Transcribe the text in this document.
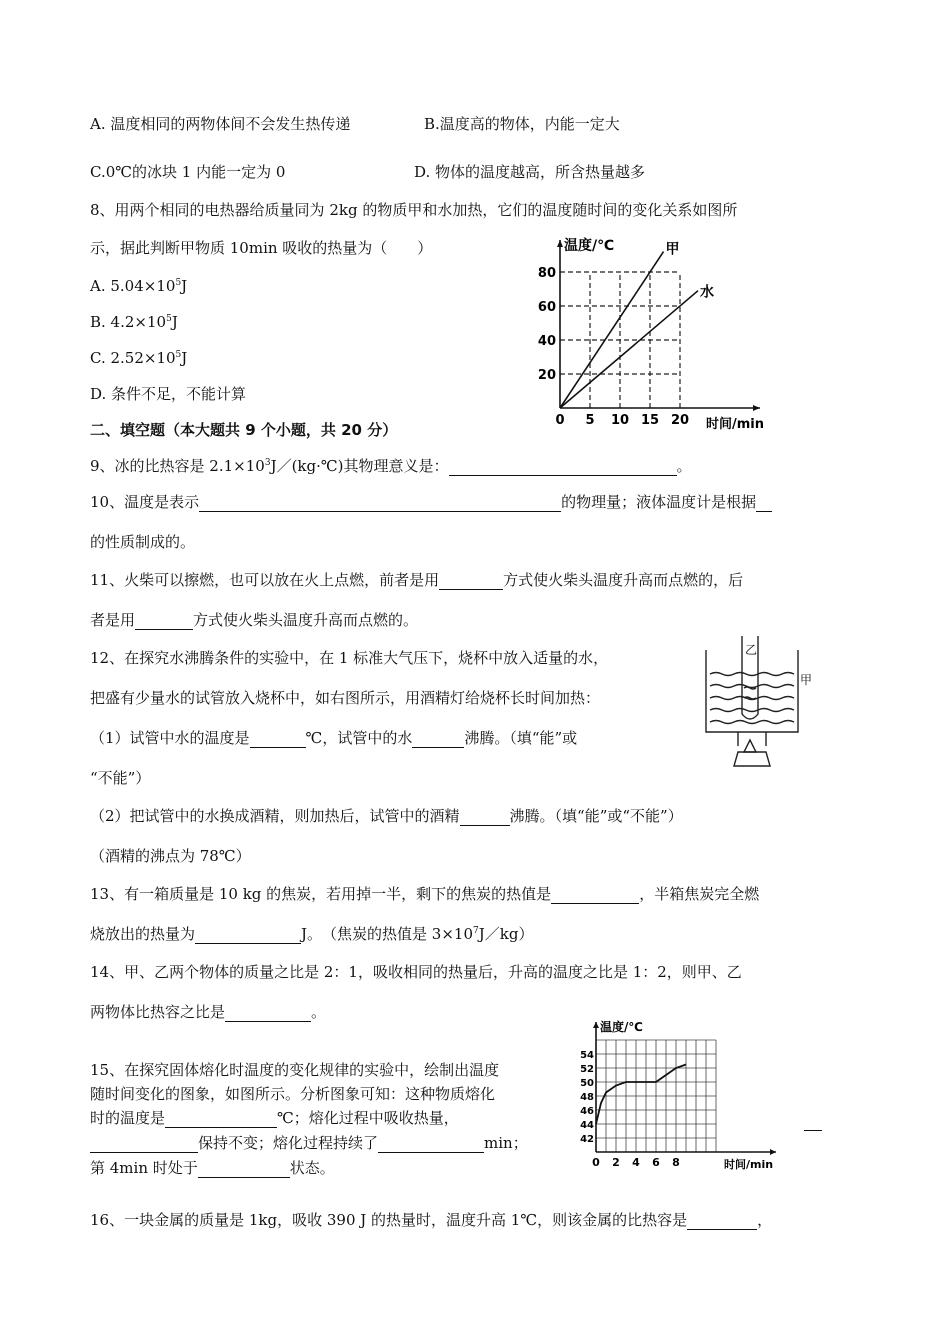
A. 温度相同的两物体间不会发生热传递	B.温度高的物体，内能一定大
C.0℃的冰块 1 内能一定为 0	D. 物体的温度越高，所含热量越多
8、用两个相同的电热器给质量同为 2kg 的物质甲和水加热，它们的温度随时间的变化关系如图所
示，据此判断甲物质 10min 吸收的热量为（　　）
A. $5.04\times 10^5J$
B. $4.2\times 10^5J$
C. $2.52\times 10^5J$
D. 条件不足，不能计算
0 5 10 15 20
20
40
60
80
温度/℃
时间/min
甲
水
二、填空题（本大题共 9 个小题，共 20 分）
9、冰的比热容是 $2.1\times 10^3J/(kg\cdot℃)$其物理意义是：	。
10、温度是表示	的物理量；液体温度计是根据
的性质制成的。
11、火柴可以擦燃，也可以放在火上点燃，前者是用	方式使火柴头温度升高而点燃的，后
者是用	方式使火柴头温度升高而点燃的。
12、在探究水沸腾条件的实验中，在 1 标准大气压下，烧杯中放入适量的水，
把盛有少量水的试管放入烧杯中，如右图所示，用酒精灯给烧杯长时间加热：
（1）试管中水的温度是	℃，试管中的水	沸腾。（填“能”或
“不能”）
（2）把试管中的水换成酒精，则加热后，试管中的酒精	沸腾。（填“能”或“不能”）
（酒精的沸点为 78℃）
乙
甲
13、有一箱质量是 10 kg 的焦炭，若用掉一半，剩下的焦炭的热值是	，半箱焦炭完全燃
烧放出的热量为	J。　（焦炭的热值是 $3\times 10^7J/kg$）
14、甲、乙两个物体的质量之比是 2：1，吸收相同的热量后，升高的温度之比是 1：2，则甲、乙
两物体比热容之比是	。
15、在探究固体熔化时温度的变化规律的实验中，绘制出温度
随时间变化的图象，如图所示。分析图象可知：这种物质熔化
时的温度是	℃；熔化过程中吸收热量，
保持不变；熔化过程持续了	min；
第 4min 时处于	状态。	0 2 4 6 8
42
44
46
48
50
52
54
温度/℃
时间/min
16、一块金属的质量是 1kg，吸收 390 J 的热量时，温度升高 1℃，则该金属的比热容是	，
